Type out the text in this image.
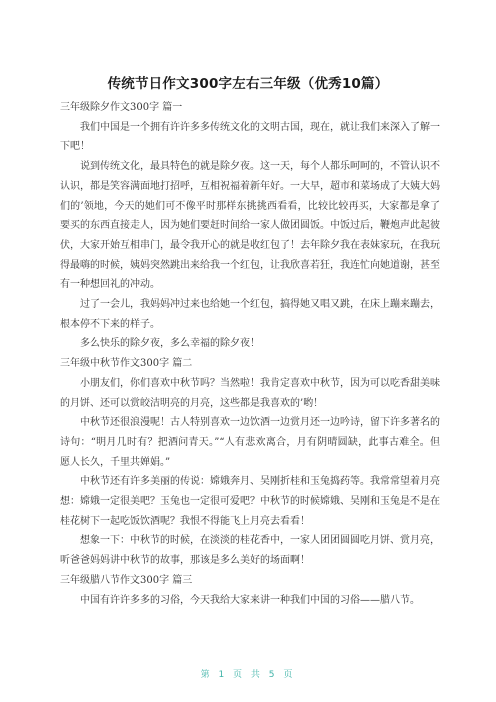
传统节日作文300字左右三年级（优秀10篇）

三年级除夕作文300字 篇一

我们中国是一个拥有许许多多传统文化的文明古国，现在，就让我们来深入了解一下吧！

说到传统文化，最具特色的就是除夕夜。这一天，每个人都乐呵呵的，不管认识不认识，都是笑容满面地打招呼，互相祝福着新年好。一大早，超市和菜场成了大姨大妈们的’领地，今天的她们可不像平时那样东挑挑西看看，比较比较再买，大家都是拿了要买的东西直接走人，因为她们要赶时间给一家人做团圆饭。中饭过后，鞭炮声此起彼伏，大家开始互相串门，最令我开心的就是收红包了！去年除夕我在表妹家玩，在我玩得最嗨的时候，姨妈突然跳出来给我一个红包，让我欣喜若狂，我连忙向她道谢，甚至有一种想回礼的冲动。

过了一会儿，我妈妈冲过来也给她一个红包，搞得她又唱又跳，在床上蹦来蹦去，根本停不下来的样子。

多么快乐的除夕夜，多么幸福的除夕夜！

三年级中秋节作文300字 篇二

小朋友们，你们喜欢中秋节吗？当然啦！我肯定喜欢中秋节，因为可以吃香甜美味的月饼、还可以赏皎洁明亮的月亮，这些都是我喜欢的’哟！

中秋节还很浪漫呢！古人特别喜欢一边饮酒一边赏月还一边吟诗，留下许多著名的诗句：“明月几时有？把酒问青天。”“人有悲欢离合，月有阴晴圆缺，此事古难全。但愿人长久，千里共婵娟。”

中秋节还有许多美丽的传说：嫦娥奔月、吴刚折桂和玉兔捣药等。我常常望着月亮想：嫦娥一定很美吧？玉兔也一定很可爱吧？中秋节的时候嫦娥、吴刚和玉兔是不是在桂花树下一起吃饭饮酒呢？我恨不得能飞上月亮去看看！

想象一下：中秋节的时候，在淡淡的桂花香中，一家人团团圆圆吃月饼、赏月亮，听爸爸妈妈讲中秋节的故事，那该是多么美好的场面啊！

三年级腊八节作文300字 篇三

中国有许许多多的习俗，今天我给大家来讲一种我们中国的习俗——腊八节。

第 1 页 共 5 页
